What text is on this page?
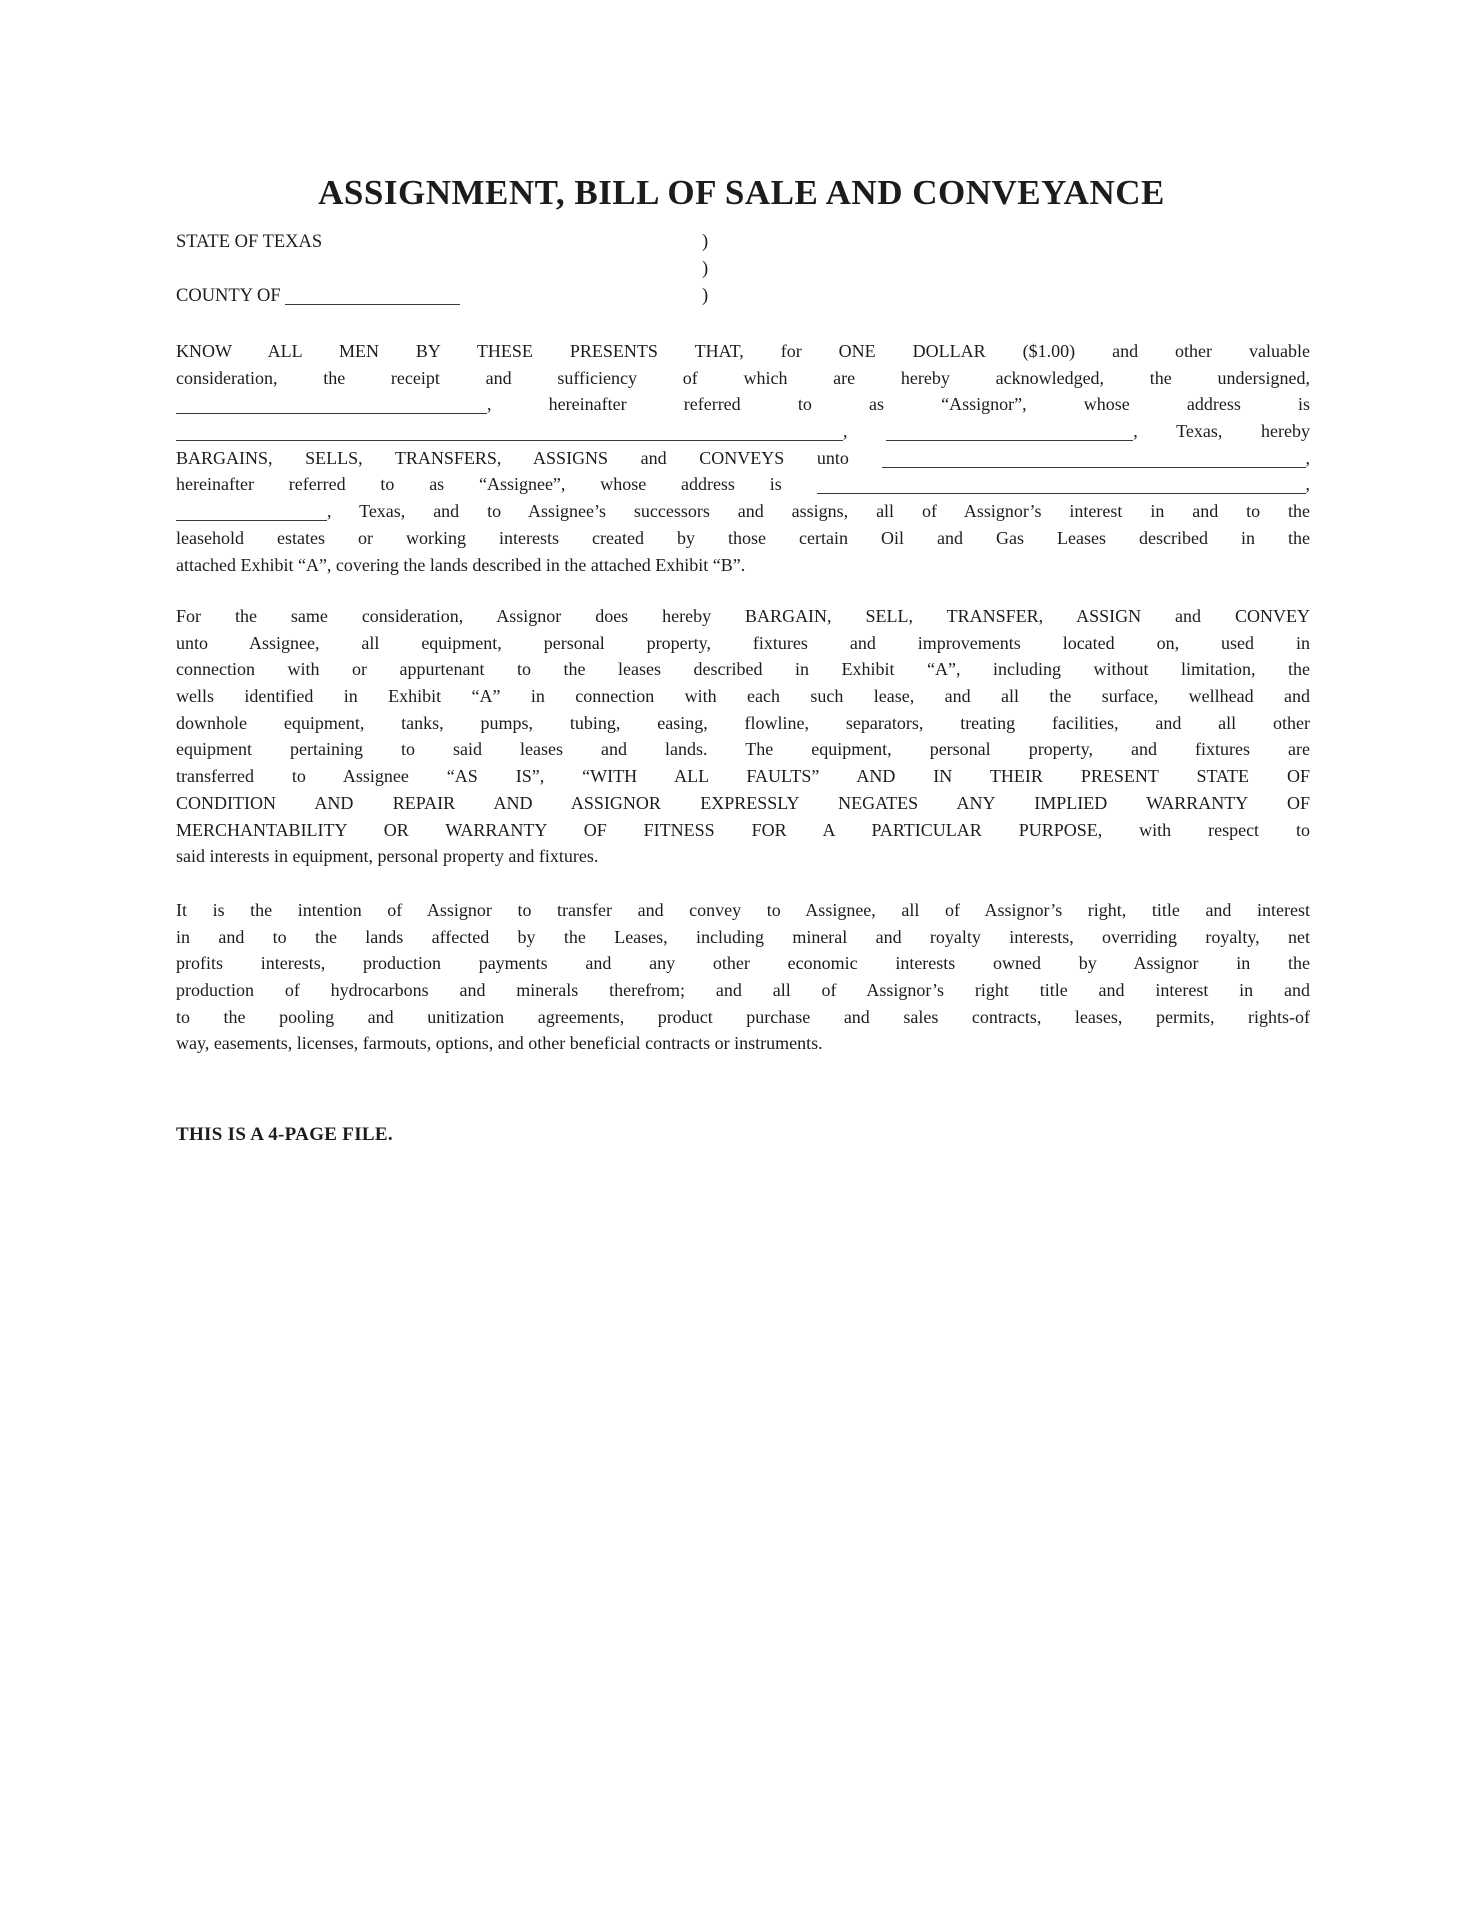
ASSIGNMENT, BILL OF SALE AND CONVEYANCE
STATE OF TEXAS	)
)
COUNTY OF	)
KNOW ALL MEN BY THESE PRESENTS THAT, for ONE DOLLAR ($1.00) and other valuable
consideration, the receipt and sufficiency of which are hereby acknowledged, the undersigned,
, hereinafter referred to as “Assignor”, whose address is
,	, Texas, hereby
BARGAINS, SELLS, TRANSFERS, ASSIGNS and CONVEYS unto	,
hereinafter referred to as “Assignee”, whose address is	,
, Texas, and to Assignee’s successors and assigns, all of Assignor’s interest in and to the
leasehold estates or working interests created by those certain Oil and Gas Leases described in the
attached Exhibit “A”, covering the lands described in the attached Exhibit “B”.
For the same consideration, Assignor does hereby BARGAIN, SELL, TRANSFER, ASSIGN and CONVEY
unto Assignee, all equipment, personal property, fixtures and improvements located on, used in
connection with or appurtenant to the leases described in Exhibit “A”, including without limitation, the
wells identified in Exhibit “A” in connection with each such lease, and all the surface, wellhead and
downhole equipment, tanks, pumps, tubing, easing, flowline, separators, treating facilities, and all other
equipment pertaining to said leases and lands. The equipment, personal property, and fixtures are
transferred to Assignee “AS IS”, “WITH ALL FAULTS” AND IN THEIR PRESENT STATE OF
CONDITION AND REPAIR AND ASSIGNOR EXPRESSLY NEGATES ANY IMPLIED WARRANTY OF
MERCHANTABILITY OR WARRANTY OF FITNESS FOR A PARTICULAR PURPOSE, with respect to
said interests in equipment, personal property and fixtures.
It is the intention of Assignor to transfer and convey to Assignee, all of Assignor’s right, title and interest
in and to the lands affected by the Leases, including mineral and royalty interests, overriding royalty, net
profits interests, production payments and any other economic interests owned by Assignor in the
production of hydrocarbons and minerals therefrom; and all of Assignor’s right title and interest in and
to the pooling and unitization agreements, product purchase and sales contracts, leases, permits, rights-of
way, easements, licenses, farmouts, options, and other beneficial contracts or instruments.
THIS IS A 4-PAGE FILE.
